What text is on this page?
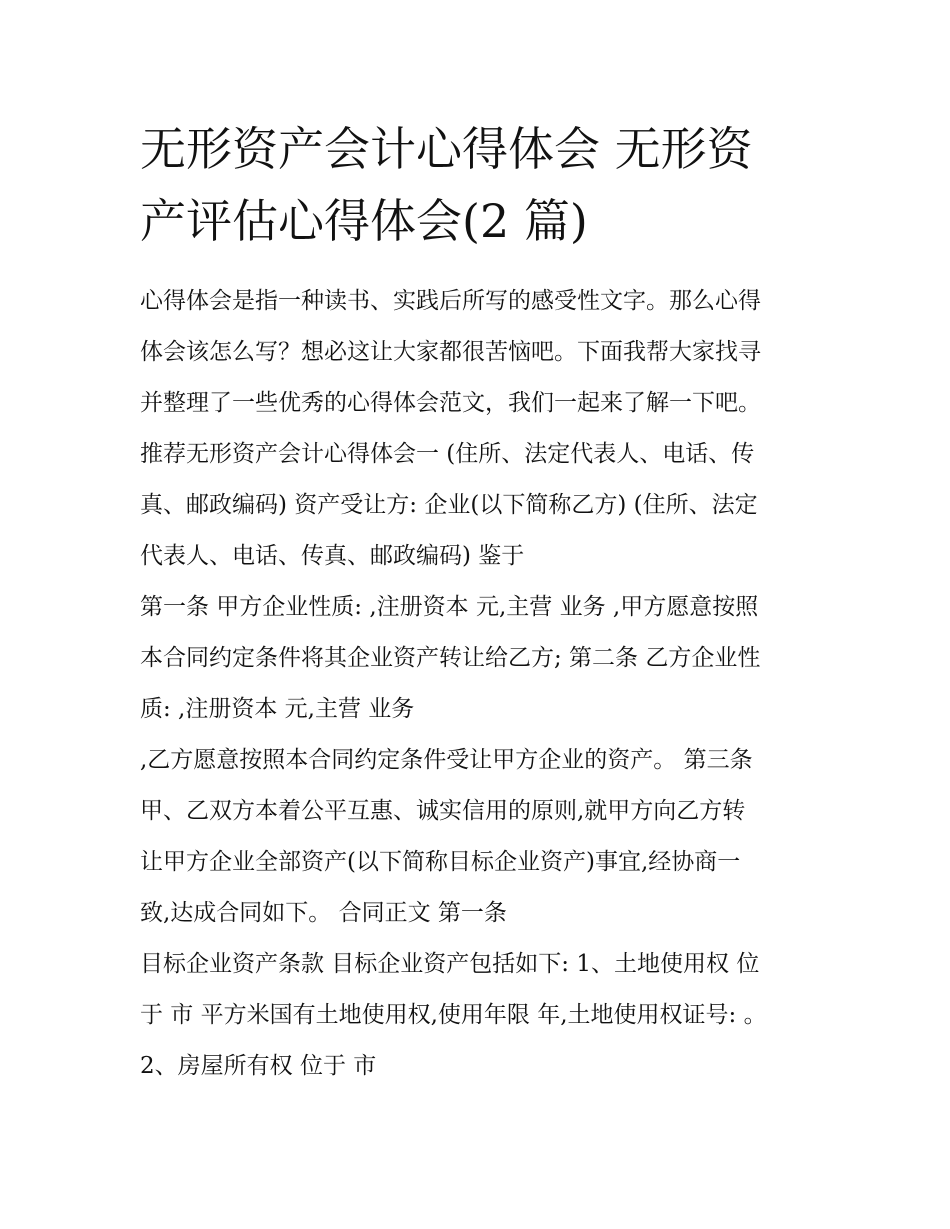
无形资产会计心得体会 无形资
产评估心得体会(2 篇)
心得体会是指一种读书、实践后所写的感受性文字。那么心得
体会该怎么写？想必这让大家都很苦恼吧。下面我帮大家找寻
并整理了一些优秀的心得体会范文，我们一起来了解一下吧。
推荐无形资产会计心得体会一 (住所、法定代表人、电话、传
真、邮政编码) 资产受让方: 企业(以下简称乙方) (住所、法定
代表人、电话、传真、邮政编码) 鉴于
第一条 甲方企业性质: ,注册资本 元,主营 业务 ,甲方愿意按照
本合同约定条件将其企业资产转让给乙方; 第二条 乙方企业性
质: ,注册资本 元,主营 业务
,乙方愿意按照本合同约定条件受让甲方企业的资产。 第三条
甲、乙双方本着公平互惠、诚实信用的原则,就甲方向乙方转
让甲方企业全部资产(以下简称目标企业资产)事宜,经协商一
致,达成合同如下。 合同正文 第一条
目标企业资产条款 目标企业资产包括如下: 1、土地使用权 位
于 市 平方米国有土地使用权,使用年限 年,土地使用权证号: 。
2、房屋所有权 位于 市
